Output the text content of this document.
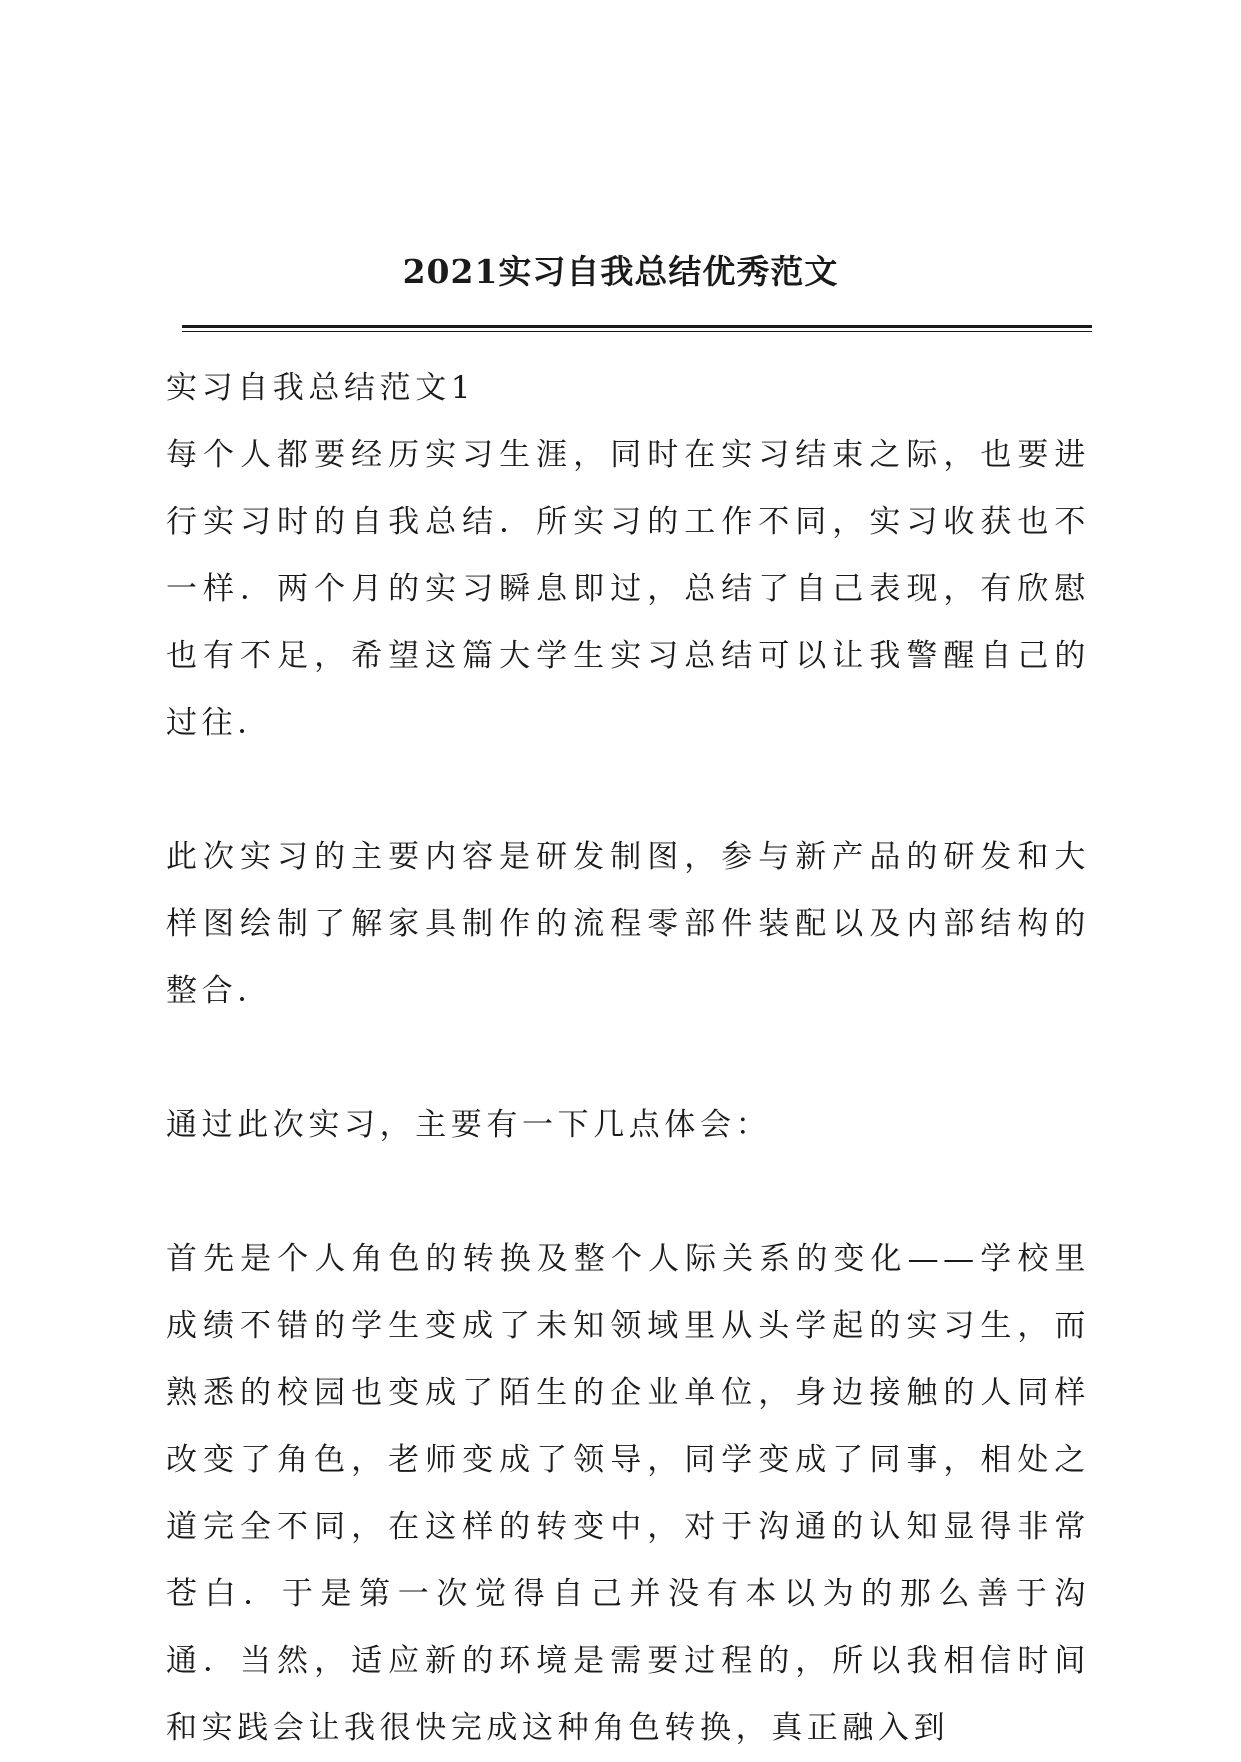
2021实习自我总结优秀范文

实习自我总结范文1

每个人都要经历实习生涯，同时在实习结束之际，也要进行实习时的自我总结．所实习的工作不同，实习收获也不一样．两个月的实习瞬息即过，总结了自己表现，有欣慰也有不足，希望这篇大学生实习总结可以让我警醒自己的过往．

此次实习的主要内容是研发制图，参与新产品的研发和大样图绘制了解家具制作的流程零部件装配以及内部结构的整合．

通过此次实习，主要有一下几点体会：

首先是个人角色的转换及整个人际关系的变化——学校里成绩不错的学生变成了未知领域里从头学起的实习生，而熟悉的校园也变成了陌生的企业单位，身边接触的人同样改变了角色，老师变成了领导，同学变成了同事，相处之道完全不同，在这样的转变中，对于沟通的认知显得非常苍白．于是第一次觉得自己并没有本以为的那么善于沟通．当然，适应新的环境是需要过程的，所以我相信时间和实践会让我很快完成这种角色转换，真正融入到
